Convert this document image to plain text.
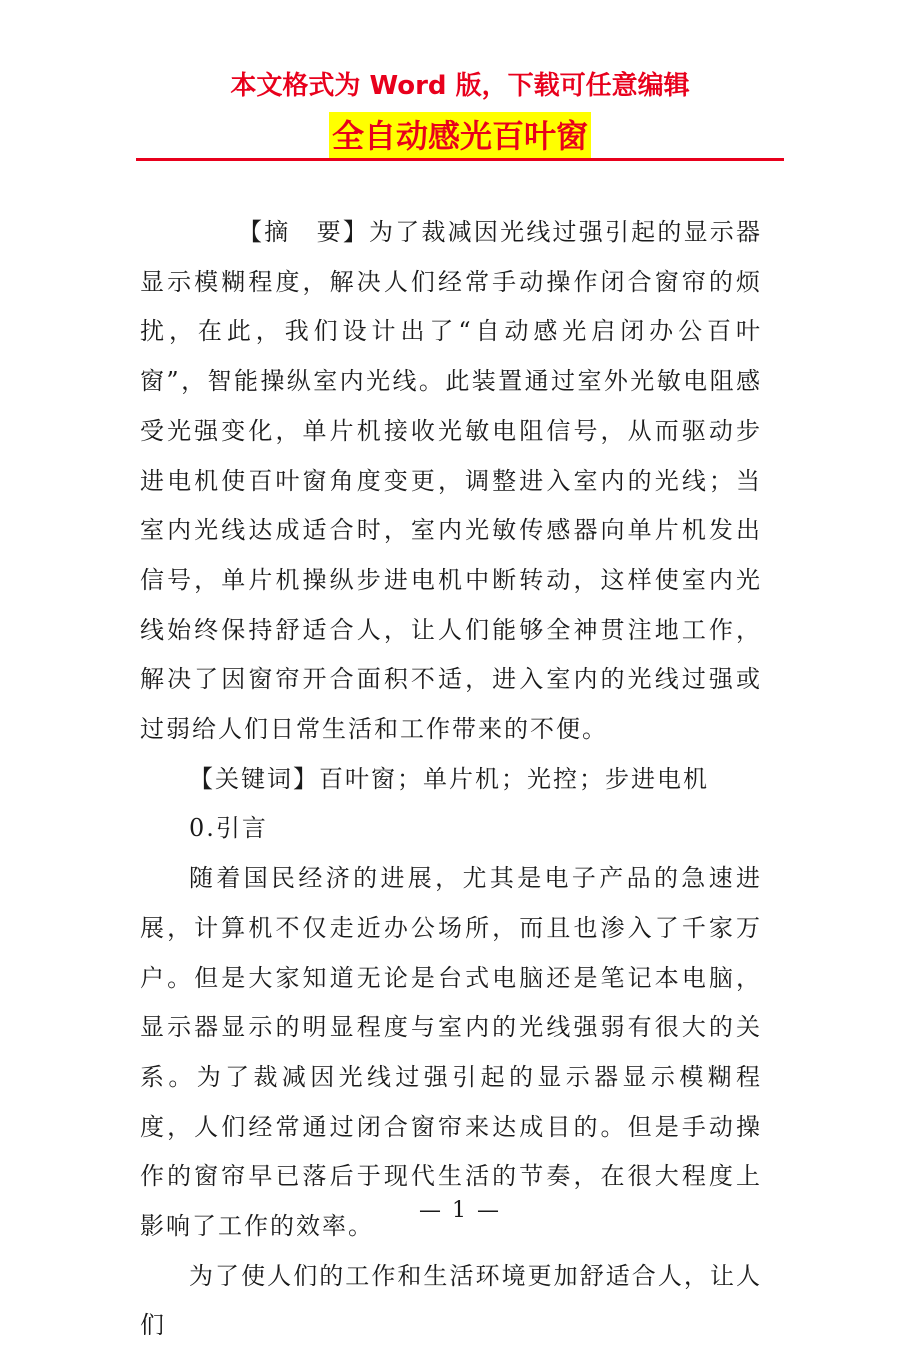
本文格式为 Word 版，下载可任意编辑
全自动感光百叶窗

【摘　要】为了裁减因光线过强引起的显示器显示模糊程度，解决人们经常手动操作闭合窗帘的烦扰，在此，我们设计出了“自动感光启闭办公百叶窗”，智能操纵室内光线。此装置通过室外光敏电阻感受光强变化，单片机接收光敏电阻信号，从而驱动步进电机使百叶窗角度变更，调整进入室内的光线；当室内光线达成适合时，室内光敏传感器向单片机发出信号，单片机操纵步进电机中断转动，这样使室内光线始终保持舒适合人，让人们能够全神贯注地工作，解决了因窗帘开合面积不适，进入室内的光线过强或过弱给人们日常生活和工作带来的不便。

【关键词】百叶窗；单片机；光控；步进电机

0.引言

随着国民经济的进展，尤其是电子产品的急速进展，计算机不仅走近办公场所，而且也渗入了千家万户。但是大家知道无论是台式电脑还是笔记本电脑，显示器显示的明显程度与室内的光线强弱有很大的关系。为了裁减因光线过强引起的显示器显示模糊程度，人们经常通过闭合窗帘来达成目的。但是手动操作的窗帘早已落后于现代生活的节奏，在很大程度上影响了工作的效率。

为了使人们的工作和生活环境更加舒适合人，让人们

— 1 —
